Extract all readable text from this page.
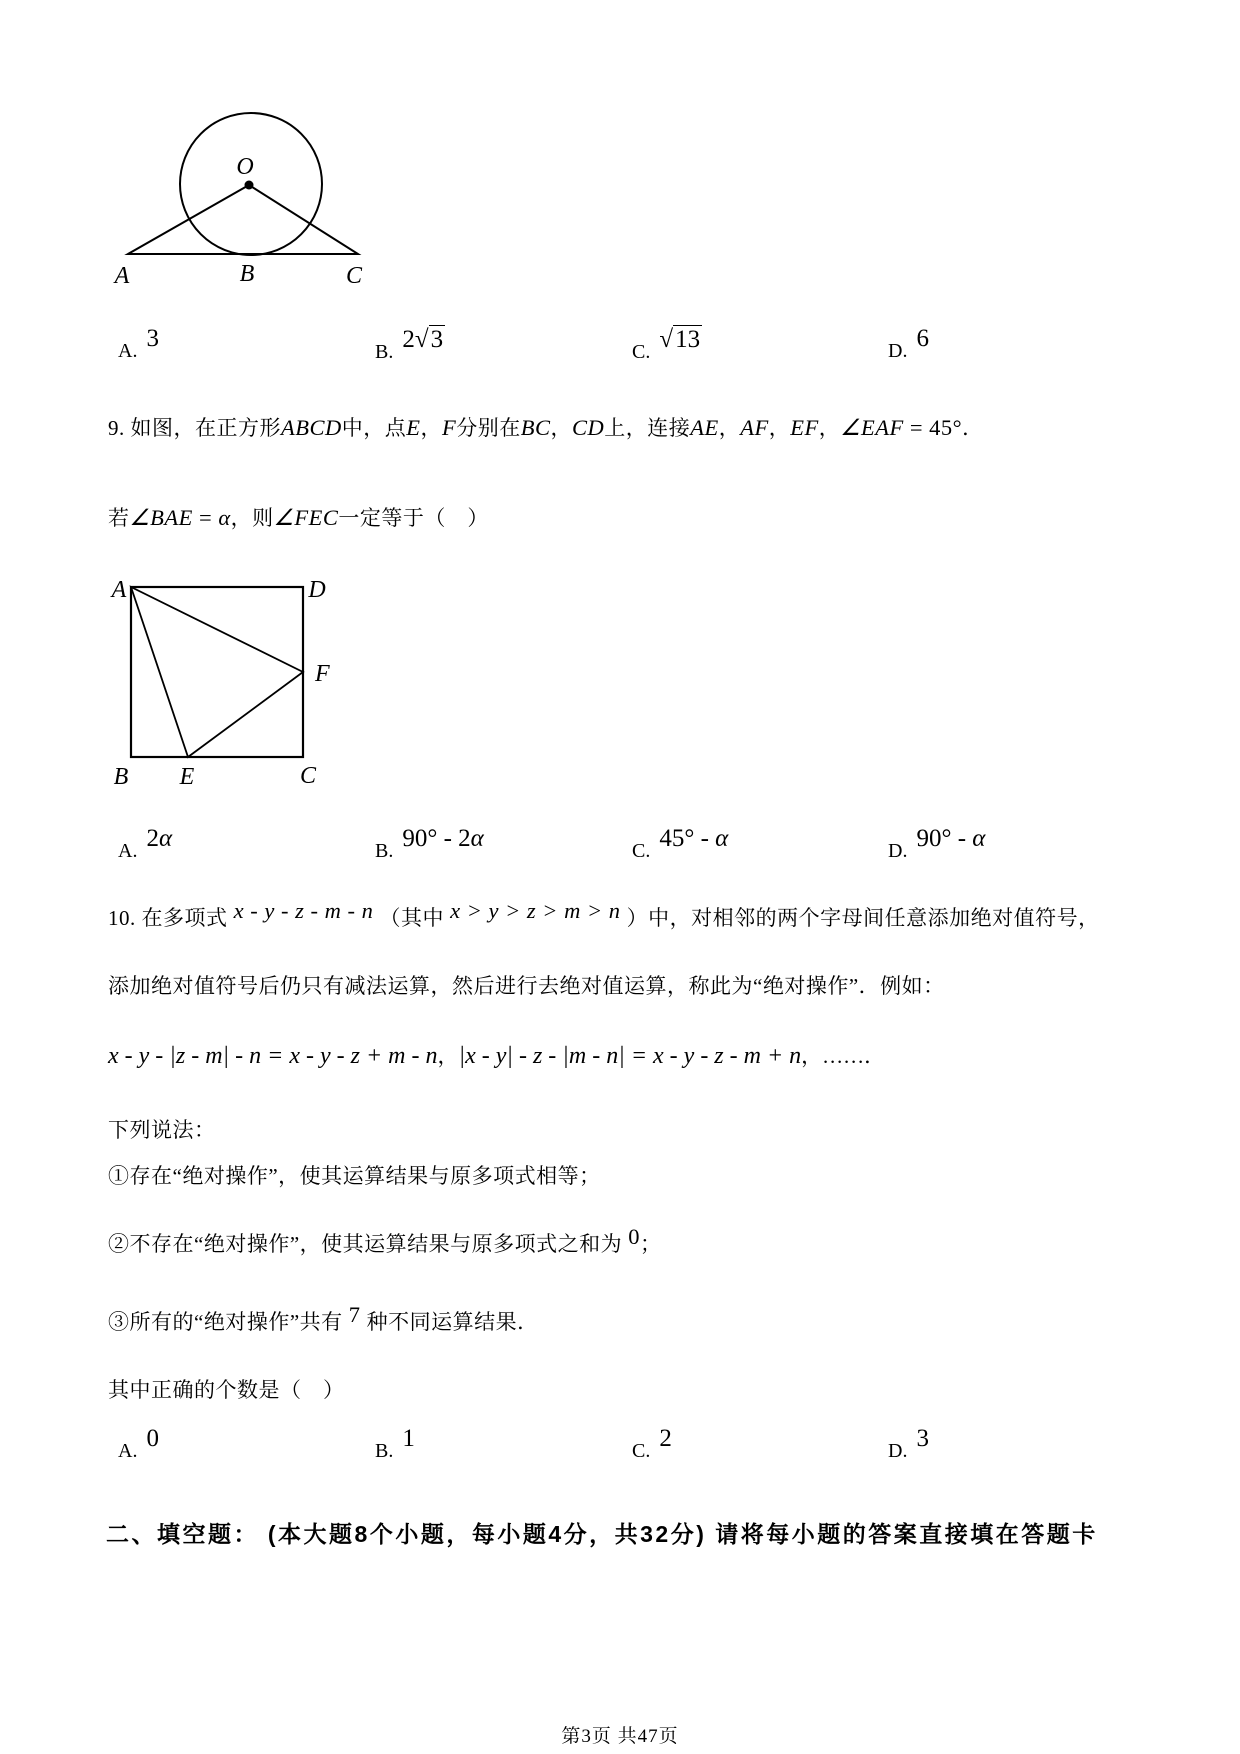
O
A	B	C
A. 3	B. 2√3	C. √13	D. 6
9. 如图，在正方形ABCD中，点E，F分别在BC，CD上，连接AE，AF，EF，∠EAF = 45°．
若∠BAE = α，则∠FEC一定等于（　）
A	D
F
B E	C
A. 2α	B. 90° - 2α	C. 45° - α	D. 90° - α
10. 在多项式 x - y - z - m - n （其中 x > y > z > m > n ）中，对相邻的两个字母间任意添加绝对值符号，
添加绝对值符号后仍只有减法运算，然后进行去绝对值运算，称此为“绝对操作”．例如：
x - y - |z - m| - n = x - y - z + m - n，|x - y| - z - |m - n| = x - y - z - m + n，……．
下列说法：
①存在“绝对操作”，使其运算结果与原多项式相等；
②不存在“绝对操作”，使其运算结果与原多项式之和为 0；
③所有的“绝对操作”共有 7 种不同运算结果．
其中正确的个数是（　）
A. 0	B. 1	C. 2	D. 3
二、填空题： (本大题8个小题，每小题4分，共32分) 请将每小题的答案直接填在答题卡
第3页 共47页
